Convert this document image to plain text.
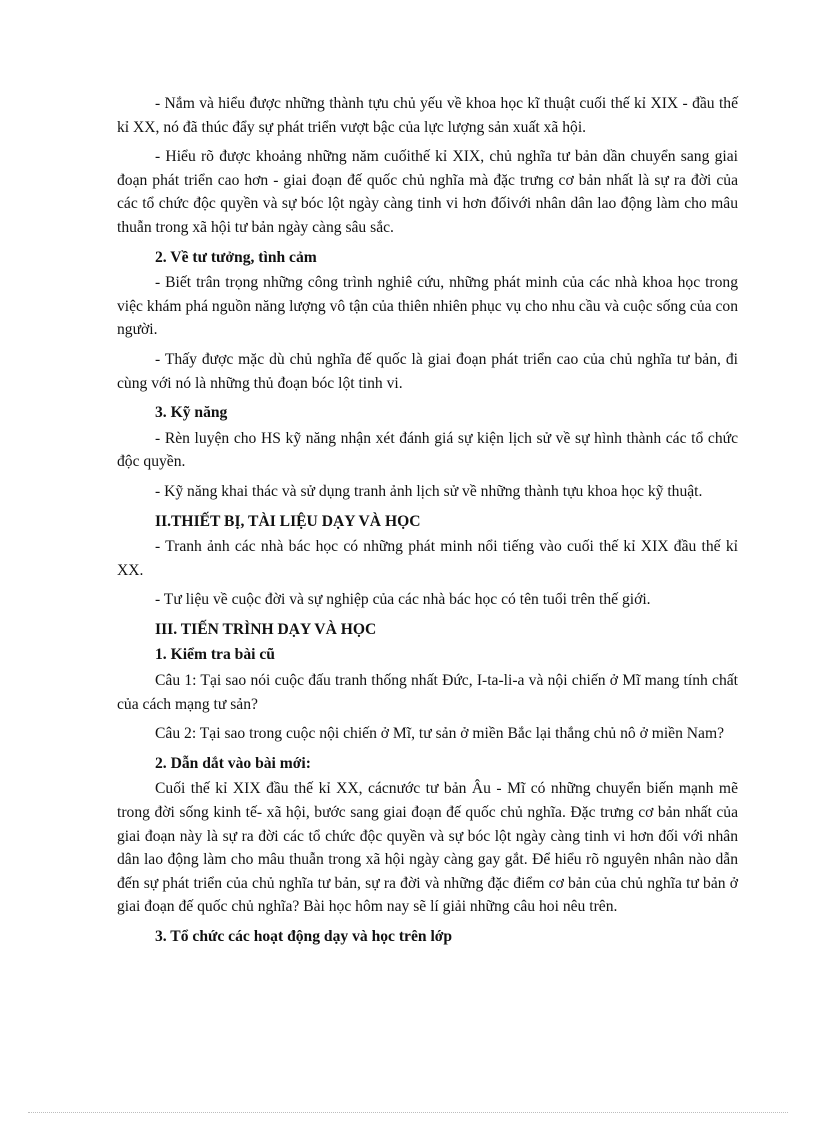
- Nắm và hiểu được những thành tựu chủ yếu về khoa học kĩ thuật cuối thế kỉ XIX - đầu thế kỉ XX, nó đã thúc đẩy sự phát triển vượt bậc của lực lượng sản xuất xã hội.

- Hiểu rõ được khoảng những năm cuốithế kỉ XIX, chủ nghĩa tư bản dần chuyển sang giai đoạn phát triển cao hơn - giai đoạn đế quốc chủ nghĩa mà đặc trưng cơ bản nhất là sự ra đời của các tổ chức độc quyền và sự bóc lột ngày càng tinh vi hơn đốivới nhân dân lao động làm cho mâu thuẫn trong xã hội tư bản ngày càng sâu sắc.

2. Về tư tưởng, tình cảm

- Biết trân trọng những công trình nghiê cứu, những phát minh của các nhà khoa học trong việc khám phá nguồn năng lượng vô tận của thiên nhiên phục vụ cho nhu cầu và cuộc sống của con người.

- Thấy được mặc dù chủ nghĩa đế quốc là giai đoạn phát triển cao của chủ nghĩa tư bản, đi cùng với nó là những thủ đoạn bóc lột tinh vi.

3. Kỹ năng

- Rèn luyện cho HS kỹ năng nhận xét đánh giá sự kiện lịch sử về sự hình thành các tổ chức độc quyền.

- Kỹ năng khai thác và sử dụng tranh ảnh lịch sử về những thành tựu khoa học kỹ thuật.

II.THIẾT BỊ, TÀI LIỆU DẠY VÀ HỌC

- Tranh ảnh các nhà bác học có những phát minh nổi tiếng vào cuối thế kỉ XIX đầu thế kỉ XX.

- Tư liệu về cuộc đời và sự nghiệp của các nhà bác học có tên tuổi trên thế giới.

III. TIẾN TRÌNH DẠY VÀ HỌC

1. Kiểm tra bài cũ

Câu 1: Tại sao nói cuộc đấu tranh thống nhất Đức, I-ta-li-a và nội chiến ở Mĩ mang tính chất của cách mạng tư sản?

Câu 2: Tại sao trong cuộc nội chiến ở Mĩ, tư sản ở miền Bắc lại thắng chủ nô ở miền Nam?

2. Dẫn dắt vào bài mới:

Cuối thế kỉ XIX đầu thế kỉ XX, cácnước tư bản Âu - Mĩ có những chuyển biến mạnh mẽ trong đời sống kinh tế- xã hội, bước sang giai đoạn đế quốc chủ nghĩa. Đặc trưng cơ bản nhất của giai đoạn này là sự ra đời các tổ chức độc quyền và sự bóc lột ngày càng tinh vi hơn đối với nhân dân lao động làm cho mâu thuẫn trong xã hội ngày càng gay gắt. Để hiểu rõ nguyên nhân nào dẫn đến sự phát triển của chủ nghĩa tư bản, sự ra đời và những đặc điểm cơ bản của chủ nghĩa tư bản ở giai đoạn đế quốc chủ nghĩa? Bài học hôm nay sẽ lí giải những câu hoi nêu trên.

3. Tổ chức các hoạt động dạy và học trên lớp
